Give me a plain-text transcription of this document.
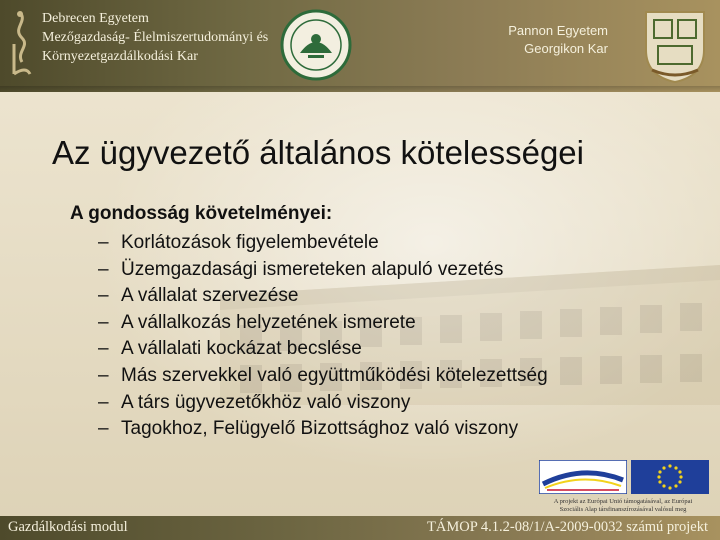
Debrecen Egyetem
Mezőgazdaság- Élelmiszertudományi és
Környezetgazdálkodási Kar
Pannon Egyetem
Georgikon Kar
Az ügyvezető általános kötelességei
A gondosság követelményei:
– Korlátozások figyelembevétele
– Üzemgazdasági ismereteken alapuló vezetés
– A vállalat szervezése
– A vállalkozás helyzetének ismerete
– A vállalati kockázat becslése
– Más szervekkel való együttműködési kötelezettség
– A társ ügyvezetőkhöz való viszony
– Tagokhoz, Felügyelő Bizottsághoz való viszony
A projekt az Európai Unió támogatásával, az Európai
Szociális Alap társfinanszírozásával valósul meg
Gazdálkodási modul	TÁMOP 4.1.2-08/1/A-2009-0032 számú projekt
